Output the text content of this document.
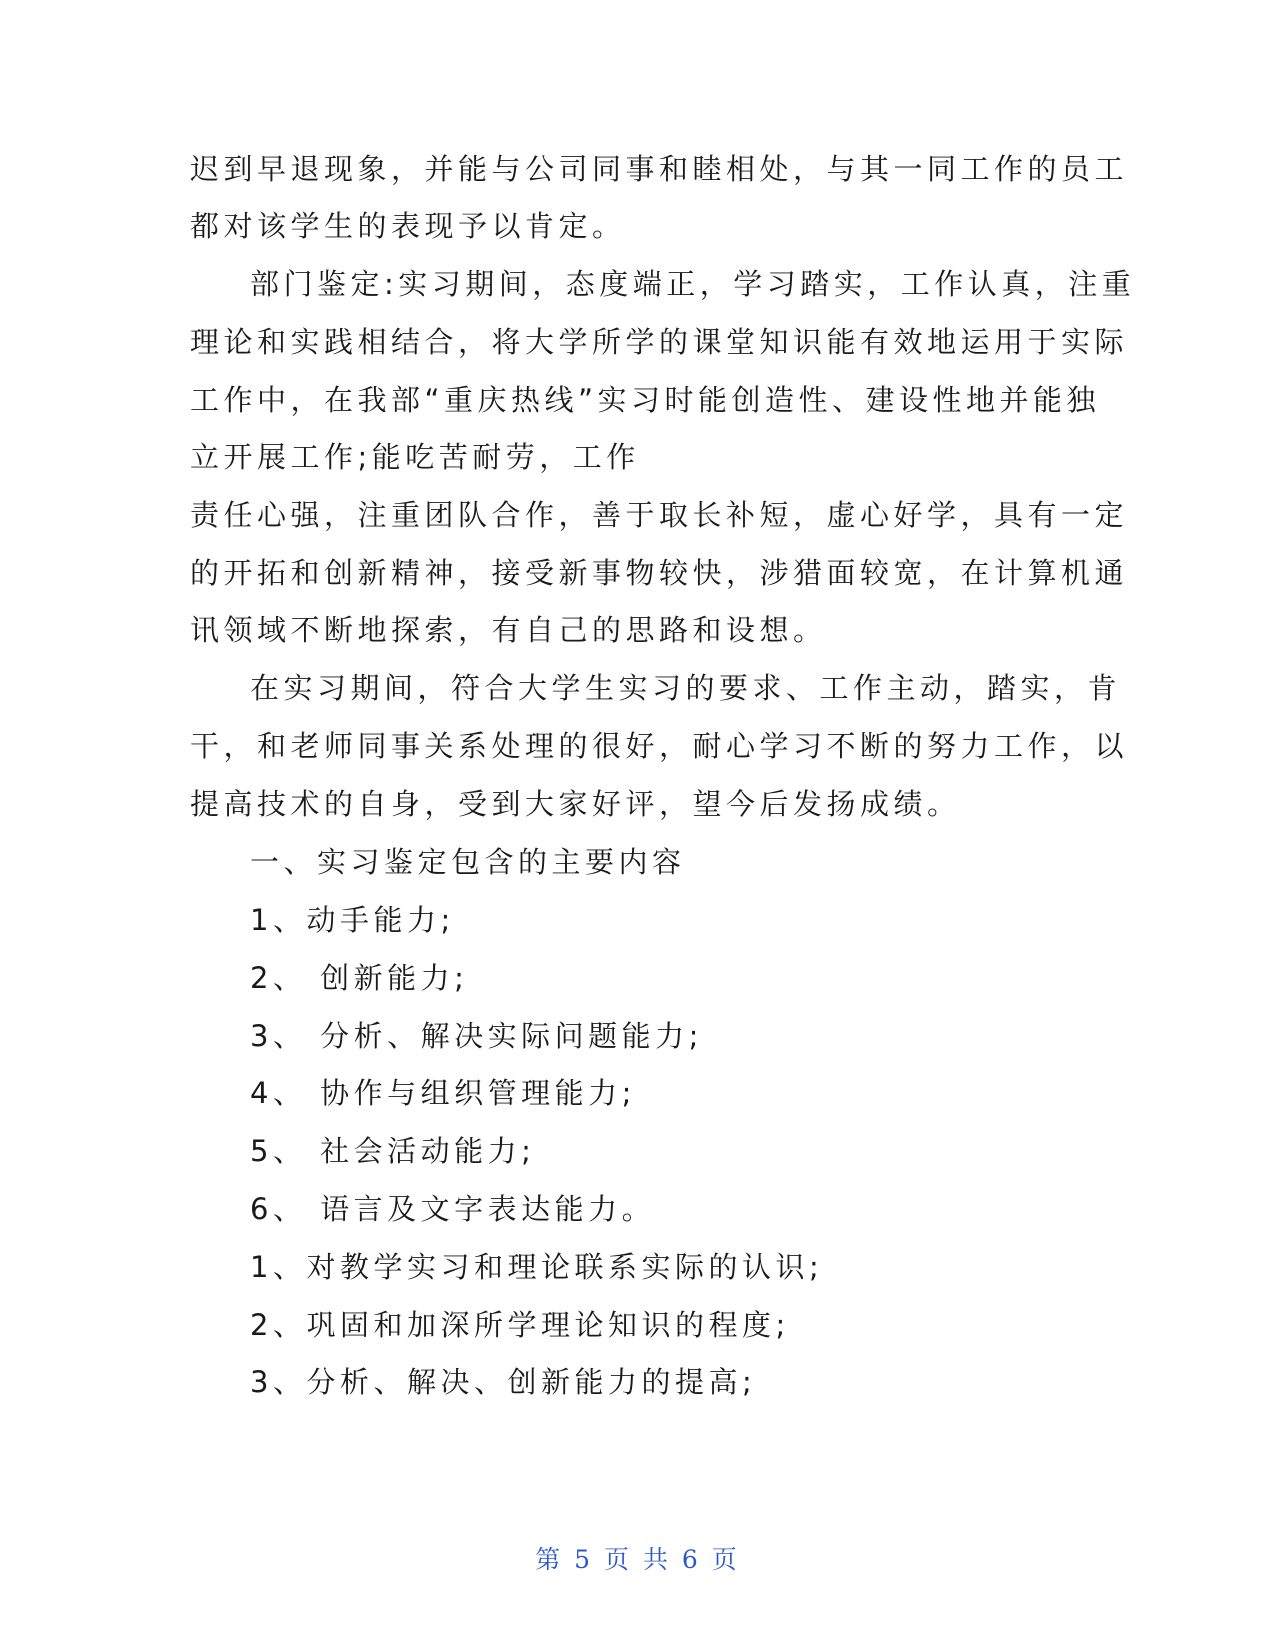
迟到早退现象，并能与公司同事和睦相处，与其一同工作的员工
都对该学生的表现予以肯定。
部门鉴定:实习期间，态度端正，学习踏实，工作认真，注重
理论和实践相结合，将大学所学的课堂知识能有效地运用于实际
工作中，在我部“重庆热线”实习时能创造性、建设性地并能独
立开展工作;能吃苦耐劳，工作
责任心强，注重团队合作，善于取长补短，虚心好学，具有一定
的开拓和创新精神，接受新事物较快，涉猎面较宽，在计算机通
讯领域不断地探索，有自己的思路和设想。
在实习期间，符合大学生实习的要求、工作主动，踏实，肯
干，和老师同事关系处理的很好，耐心学习不断的努力工作，以
提高技术的自身，受到大家好评，望今后发扬成绩。
一、实习鉴定包含的主要内容
1、动手能力;
2、 创新能力;
3、 分析、解决实际问题能力;
4、 协作与组织管理能力;
5、 社会活动能力;
6、 语言及文字表达能力。
1、对教学实习和理论联系实际的认识;
2、巩固和加深所学理论知识的程度;
3、分析、解决、创新能力的提高;
第 5 页 共 6 页
